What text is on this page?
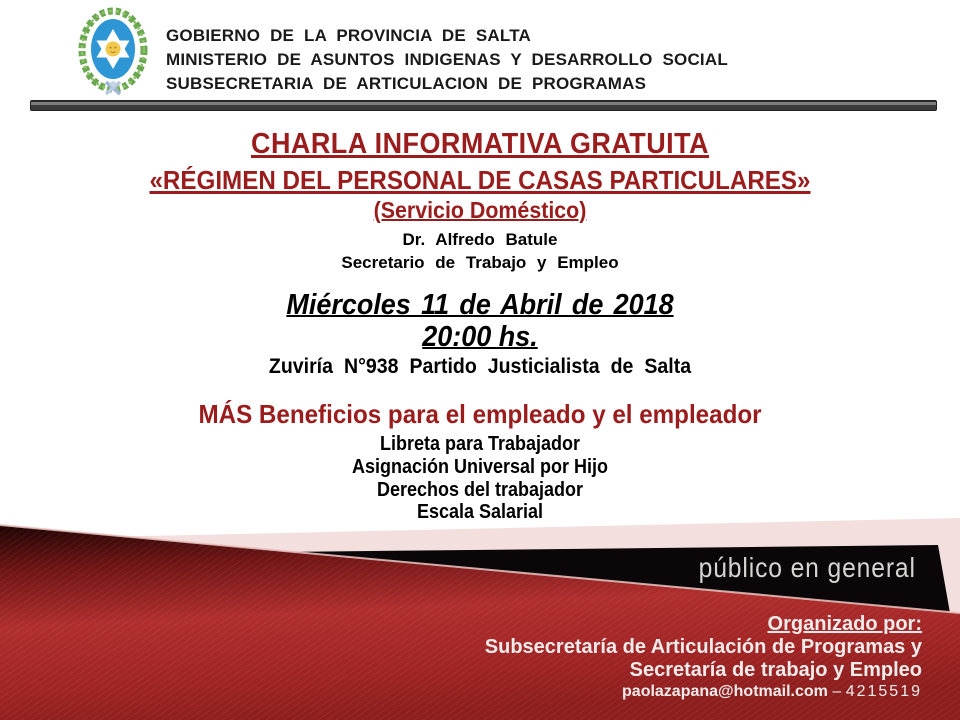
GOBIERNO DE LA PROVINCIA DE SALTA
MINISTERIO DE ASUNTOS INDIGENAS Y DESARROLLO SOCIAL
SUBSECRETARIA DE ARTICULACION DE PROGRAMAS
CHARLA INFORMATIVA GRATUITA
«RÉGIMEN DEL PERSONAL DE CASAS PARTICULARES»
(Servicio Doméstico)
Dr. Alfredo Batule
Secretario de Trabajo y Empleo
Miércoles 11 de Abril de 2018
20:00 hs.
Zuviría N°938 Partido Justicialista de Salta
MÁS Beneficios para el empleado y el empleador
Libreta para Trabajador
Asignación Universal por Hijo
Derechos del trabajador
Escala Salarial
público en general
Organizado por:
Subsecretaría de Articulación de Programas y
Secretaría de trabajo y Empleo
paolazapana@hotmail.com – 4215519
